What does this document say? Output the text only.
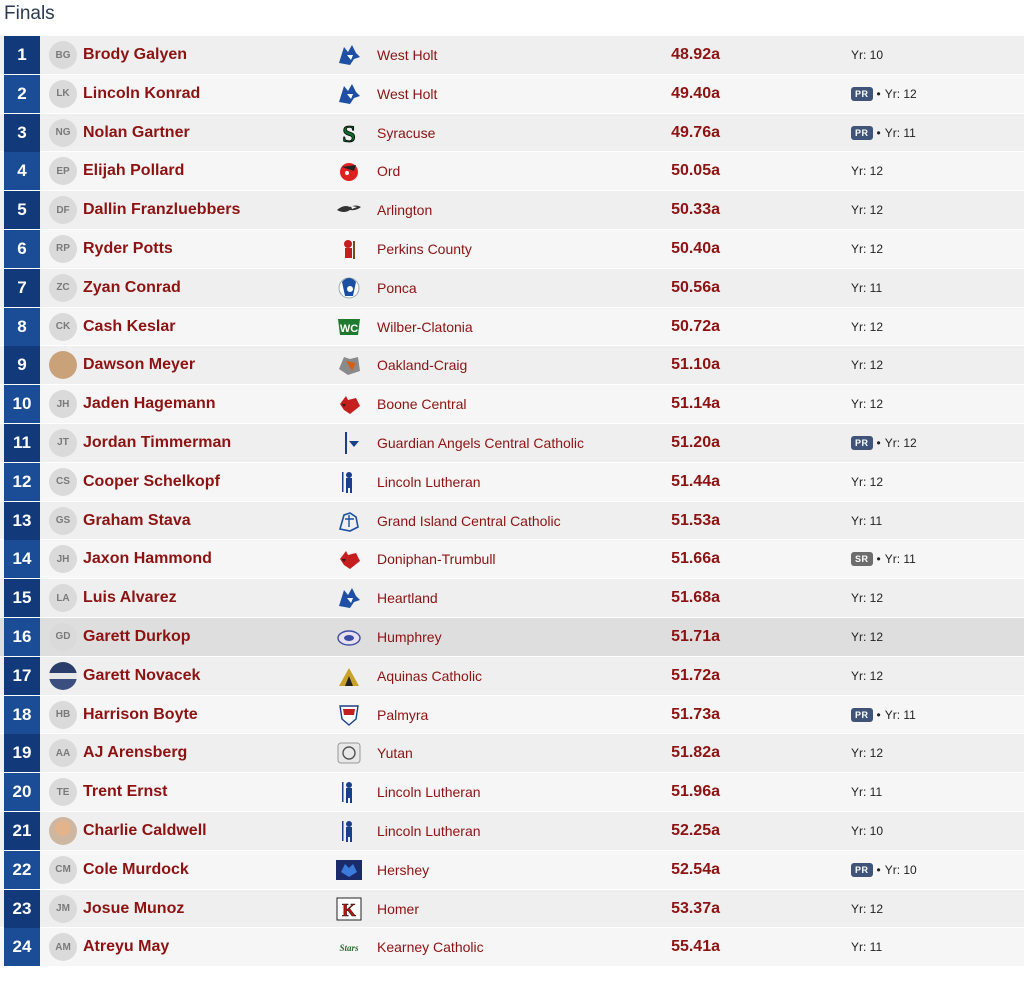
Finals
1	BG Brody Galyen	West Holt	48.92a	Yr: 10
2	LK Lincoln Konrad	West Holt	49.40a	PR • Yr: 12
3	NG Nolan Gartner	S Syracuse	49.76a	PR • Yr: 11
4	EP Elijah Pollard	Ord	50.05a	Yr: 12
5	DF Dallin Franzluebbers	Arlington	50.33a	Yr: 12
6	RP Ryder Potts	Perkins County	50.40a	Yr: 12
7	ZC Zyan Conrad	Ponca	50.56a	Yr: 11
8	CK Cash Keslar	WC Wilber-Clatonia	50.72a	Yr: 12
9	Dawson Meyer	Oakland-Craig	51.10a	Yr: 12
10	JH Jaden Hagemann	Boone Central	51.14a	Yr: 12
11	JT Jordan Timmerman	Guardian Angels Central Catholic	51.20a	PR • Yr: 12
12	CS Cooper Schelkopf	Lincoln Lutheran	51.44a	Yr: 12
13	GS Graham Stava	Grand Island Central Catholic	51.53a	Yr: 11
14	JH Jaxon Hammond	Doniphan-Trumbull	51.66a	SR • Yr: 11
15	LA Luis Alvarez	Heartland	51.68a	Yr: 12
16	GD Garett Durkop	Humphrey	51.71a	Yr: 12
17	Garett Novacek	Aquinas Catholic	51.72a	Yr: 12
18	HB Harrison Boyte	Palmyra	51.73a	PR • Yr: 11
19	AA AJ Arensberg	Yutan	51.82a	Yr: 12
20	TE Trent Ernst	Lincoln Lutheran	51.96a	Yr: 11
21	Charlie Caldwell	Lincoln Lutheran	52.25a	Yr: 10
22	CM Cole Murdock	Hershey	52.54a	PR • Yr: 10
23	JM Josue Munoz	K Homer	53.37a	Yr: 12
24	AM Atreyu May	Stars Kearney Catholic	55.41a	Yr: 11
